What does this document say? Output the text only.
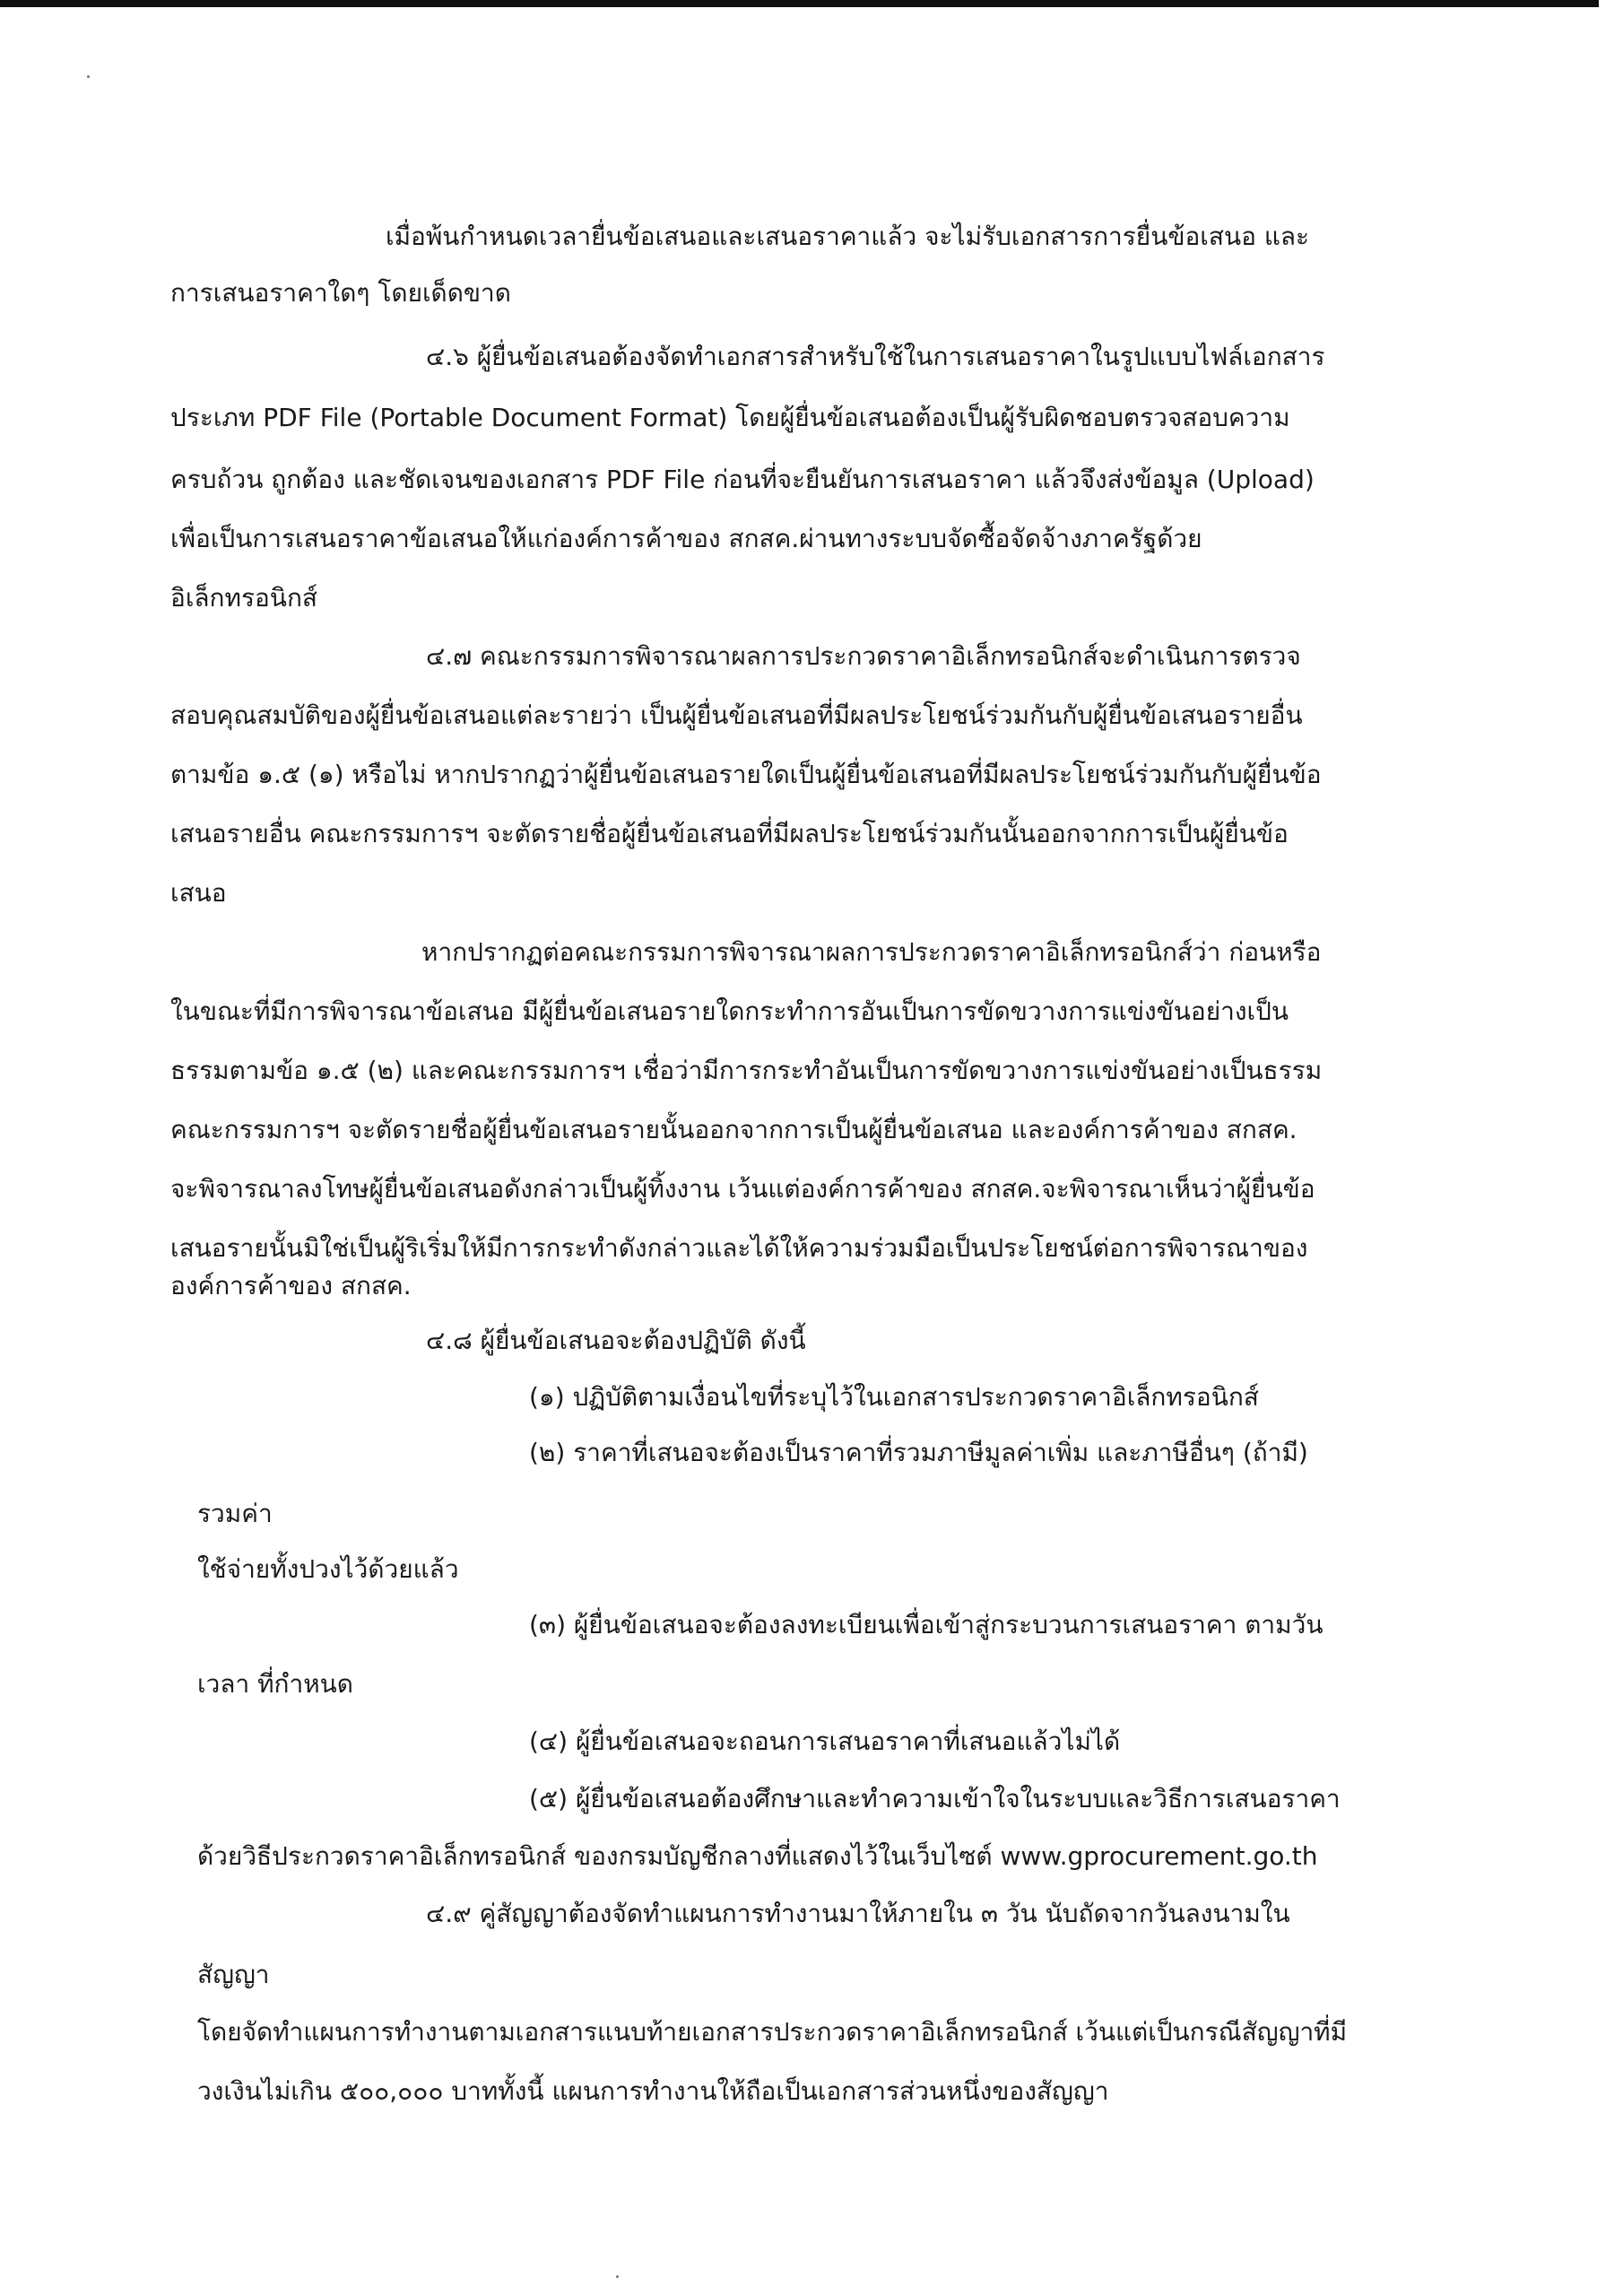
เมื่อพ้นกำหนดเวลายื่นข้อเสนอและเสนอราคาแล้ว จะไม่รับเอกสารการยื่นข้อเสนอ และ
การเสนอราคาใดๆ โดยเด็ดขาด
๔.๖ ผู้ยื่นข้อเสนอต้องจัดทำเอกสารสำหรับใช้ในการเสนอราคาในรูปแบบไฟล์เอกสาร
ประเภท PDF File (Portable Document Format) โดยผู้ยื่นข้อเสนอต้องเป็นผู้รับผิดชอบตรวจสอบความ
ครบถ้วน ถูกต้อง และชัดเจนของเอกสาร PDF File ก่อนที่จะยืนยันการเสนอราคา แล้วจึงส่งข้อมูล (Upload)
เพื่อเป็นการเสนอราคาข้อเสนอให้แก่องค์การค้าของ สกสค.ผ่านทางระบบจัดซื้อจัดจ้างภาครัฐด้วย
อิเล็กทรอนิกส์
๔.๗ คณะกรรมการพิจารณาผลการประกวดราคาอิเล็กทรอนิกส์จะดำเนินการตรวจ
สอบคุณสมบัติของผู้ยื่นข้อเสนอแต่ละรายว่า เป็นผู้ยื่นข้อเสนอที่มีผลประโยชน์ร่วมกันกับผู้ยื่นข้อเสนอรายอื่น
ตามข้อ ๑.๕ (๑) หรือไม่ หากปรากฏว่าผู้ยื่นข้อเสนอรายใดเป็นผู้ยื่นข้อเสนอที่มีผลประโยชน์ร่วมกันกับผู้ยื่นข้อ
เสนอรายอื่น คณะกรรมการฯ จะตัดรายชื่อผู้ยื่นข้อเสนอที่มีผลประโยชน์ร่วมกันนั้นออกจากการเป็นผู้ยื่นข้อ
เสนอ
หากปรากฏต่อคณะกรรมการพิจารณาผลการประกวดราคาอิเล็กทรอนิกส์ว่า ก่อนหรือ
ในขณะที่มีการพิจารณาข้อเสนอ มีผู้ยื่นข้อเสนอรายใดกระทำการอันเป็นการขัดขวางการแข่งขันอย่างเป็น
ธรรมตามข้อ ๑.๕ (๒) และคณะกรรมการฯ เชื่อว่ามีการกระทำอันเป็นการขัดขวางการแข่งขันอย่างเป็นธรรม
คณะกรรมการฯ จะตัดรายชื่อผู้ยื่นข้อเสนอรายนั้นออกจากการเป็นผู้ยื่นข้อเสนอ และองค์การค้าของ สกสค.
จะพิจารณาลงโทษผู้ยื่นข้อเสนอดังกล่าวเป็นผู้ทิ้งงาน เว้นแต่องค์การค้าของ สกสค.จะพิจารณาเห็นว่าผู้ยื่นข้อ
เสนอรายนั้นมิใช่เป็นผู้ริเริ่มให้มีการกระทำดังกล่าวและได้ให้ความร่วมมือเป็นประโยชน์ต่อการพิจารณาของ
องค์การค้าของ สกสค.
๔.๘ ผู้ยื่นข้อเสนอจะต้องปฏิบัติ ดังนี้
(๑) ปฏิบัติตามเงื่อนไขที่ระบุไว้ในเอกสารประกวดราคาอิเล็กทรอนิกส์
(๒) ราคาที่เสนอจะต้องเป็นราคาที่รวมภาษีมูลค่าเพิ่ม และภาษีอื่นๆ (ถ้ามี)
รวมค่า
ใช้จ่ายทั้งปวงไว้ด้วยแล้ว
(๓) ผู้ยื่นข้อเสนอจะต้องลงทะเบียนเพื่อเข้าสู่กระบวนการเสนอราคา ตามวัน
เวลา ที่กำหนด
(๔) ผู้ยื่นข้อเสนอจะถอนการเสนอราคาที่เสนอแล้วไม่ได้
(๕) ผู้ยื่นข้อเสนอต้องศึกษาและทำความเข้าใจในระบบและวิธีการเสนอราคา
ด้วยวิธีประกวดราคาอิเล็กทรอนิกส์ ของกรมบัญชีกลางที่แสดงไว้ในเว็บไซต์ www.gprocurement.go.th
๔.๙ คู่สัญญาต้องจัดทำแผนการทำงานมาให้ภายใน ๓ วัน นับถัดจากวันลงนามใน
สัญญา
โดยจัดทำแผนการทำงานตามเอกสารแนบท้ายเอกสารประกวดราคาอิเล็กทรอนิกส์ เว้นแต่เป็นกรณีสัญญาที่มี
วงเงินไม่เกิน ๕๐๐,๐๐๐ บาททั้งนี้ แผนการทำงานให้ถือเป็นเอกสารส่วนหนึ่งของสัญญา
